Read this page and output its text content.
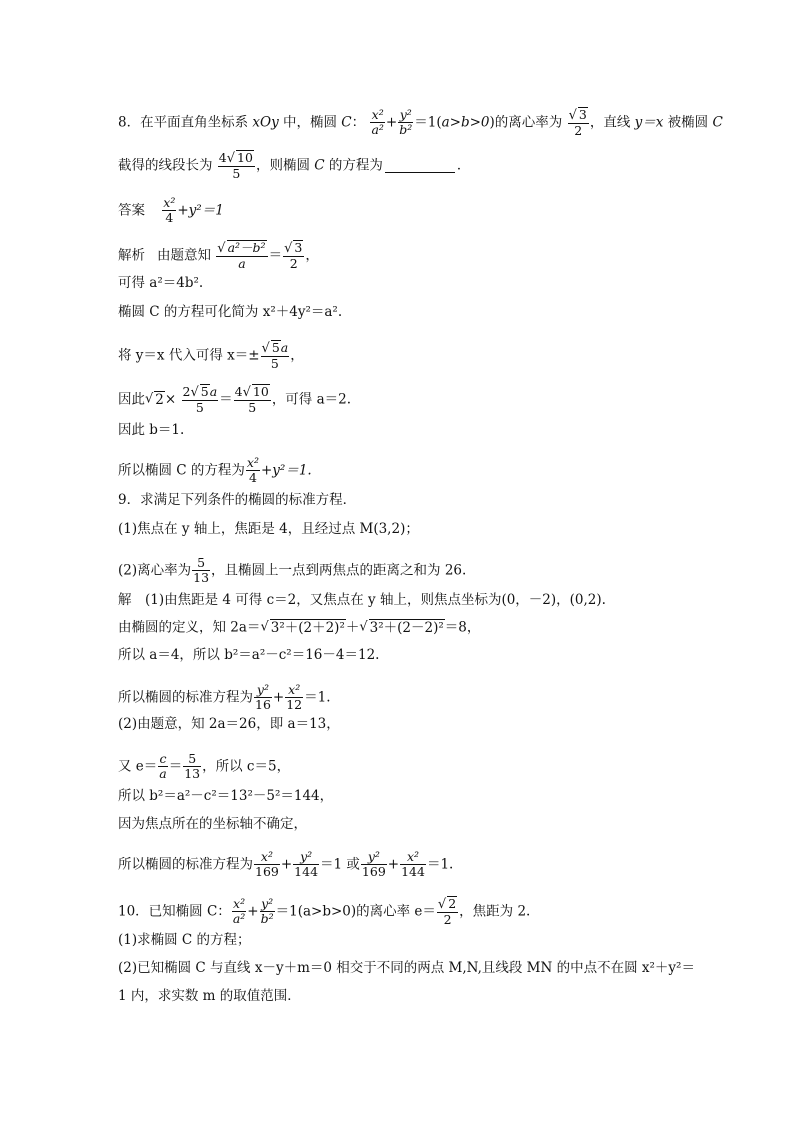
8．在平面直角坐标系 xOy 中，椭圆 C： $\frac{\text{x²}}{\text{a²}} + \frac{\text{y²}}{\text{b²}} =1(a>b>0)$的离心率为 $\frac{√ 3}{2}$ ，直线 y＝x 被椭圆 C
截得的线段长为 $\frac{4√ 10}{5}$ ，则椭圆 C 的方程为	．
答案 $\frac{\text{x²}}{4} +y^2=1$
解析 由题意知 $\frac{\text{√ a²－b²}}{a} = \frac{√ 3}{2}$ ，
可得 a²＝4b².
椭圆 C 的方程可化简为 x²＋4y²＝a².
将 y＝x 代入可得 $x=\pm \frac{√ 5a}{5}$ ，
因此√ $2\times \frac{2√ 5a}{5} = \frac{4√ 10}{5}$ ，可得 a＝2.
因此 b＝1.
所以椭圆 C 的方程为 $\frac{\text{x²}}{4} +y^2=1$.
9．求满足下列条件的椭圆的标准方程．
(1)焦点在 y 轴上，焦距是 4，且经过点 M(3,2)；
(2)离心率为 $\frac{5}{13}$ ，且椭圆上一点到两焦点的距离之和为 26.
解　(1)由焦距是 4 可得 c＝2，又焦点在 y 轴上，则焦点坐标为(0，－2)，(0,2).
由椭圆的定义，知 2a＝√ 3²＋(2＋2)²＋√ 3²＋(2－2)²＝8，
所以 a＝4，所以 b²＝a²－c²＝16－4＝12.
所以椭圆的标准方程为 $\frac{\text{y²}}{16} + \frac{\text{x²}}{12} =1$.
(2)由题意，知 2a＝26，即 a＝13，
又 $e= \frac{c}{a} = \frac{5}{13}$ ，所以 c＝5，
所以 b²＝a²－c²＝13²－5²＝144，
因为焦点所在的坐标轴不确定，
所以椭圆的标准方程为 $\frac{\text{x²}}{169} + \frac{\text{y²}}{144} =1$ 或 $\frac{\text{y²}}{169} + \frac{\text{x²}}{144} =1$.
10．已知椭圆 C： $\frac{\text{x²}}{\text{a²}} + \frac{\text{y²}}{\text{b²}} =1(a>b>0)$的离心率 $e= \frac{√ 2}{2}$ ，焦距为 2.
(1)求椭圆 C 的方程；
(2)已知椭圆 C 与直线 x－y＋m＝0 相交于不同的两点 M,N,且线段 MN 的中点不在圆 x²＋y²＝
1 内，求实数 m 的取值范围．
